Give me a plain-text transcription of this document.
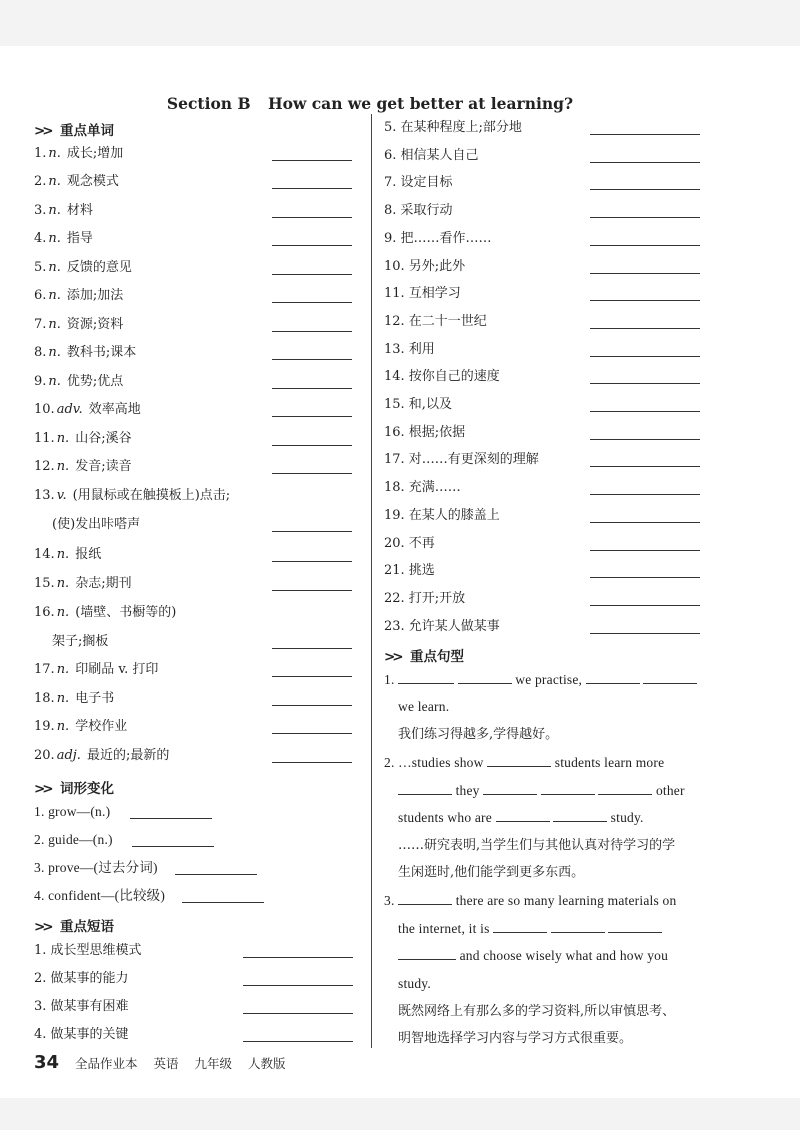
Section B How can we get better at learning?
>> 重点单词
1. n. 成长;增加
2. n. 观念模式
3. n. 材料
4. n. 指导
5. n. 反馈的意见
6. n. 添加;加法
7. n. 资源;资料
8. n. 教科书;课本
9. n. 优势;优点
10. adv. 效率高地
11. n. 山谷;溪谷
12. n. 发音;读音
13. v. (用鼠标或在触摸板上)点击;
(使)发出咔嗒声
14. n. 报纸
15. n. 杂志;期刊
16. n. (墙壁、书橱等的)
架子;搁板
17. n. 印刷品 v. 打印
18. n. 电子书
19. n. 学校作业
20. adj. 最近的;最新的
>> 词形变化
1. grow—(n.)
2. guide—(n.)
3. prove—(过去分词)
4. confident—(比较级)
>> 重点短语
1. 成长型思维模式
2. 做某事的能力
3. 做某事有困难
4. 做某事的关键
5. 在某种程度上;部分地
6. 相信某人自己
7. 设定目标
8. 采取行动
9. 把……看作……
10. 另外;此外
11. 互相学习
12. 在二十一世纪
13. 利用
14. 按你自己的速度
15. 和,以及
16. 根据;依据
17. 对……有更深刻的理解
18. 充满……
19. 在某人的膝盖上
20. 不再
21. 挑选
22. 打开;开放
23. 允许某人做某事
>> 重点句型
1.	we practise,
we learn.
我们练习得越多,学得越好。
2. …studies show	students learn more
they	other
students who are	study.
……研究表明,当学生们与其他认真对待学习的学
生闲逛时,他们能学到更多东西。
3.	there are so many learning materials on
the internet, it is
and choose wisely what and how you
study.
既然网络上有那么多的学习资料,所以审慎思考、
明智地选择学习内容与学习方式很重要。
34 全品作业本 英语 九年级 人教版
